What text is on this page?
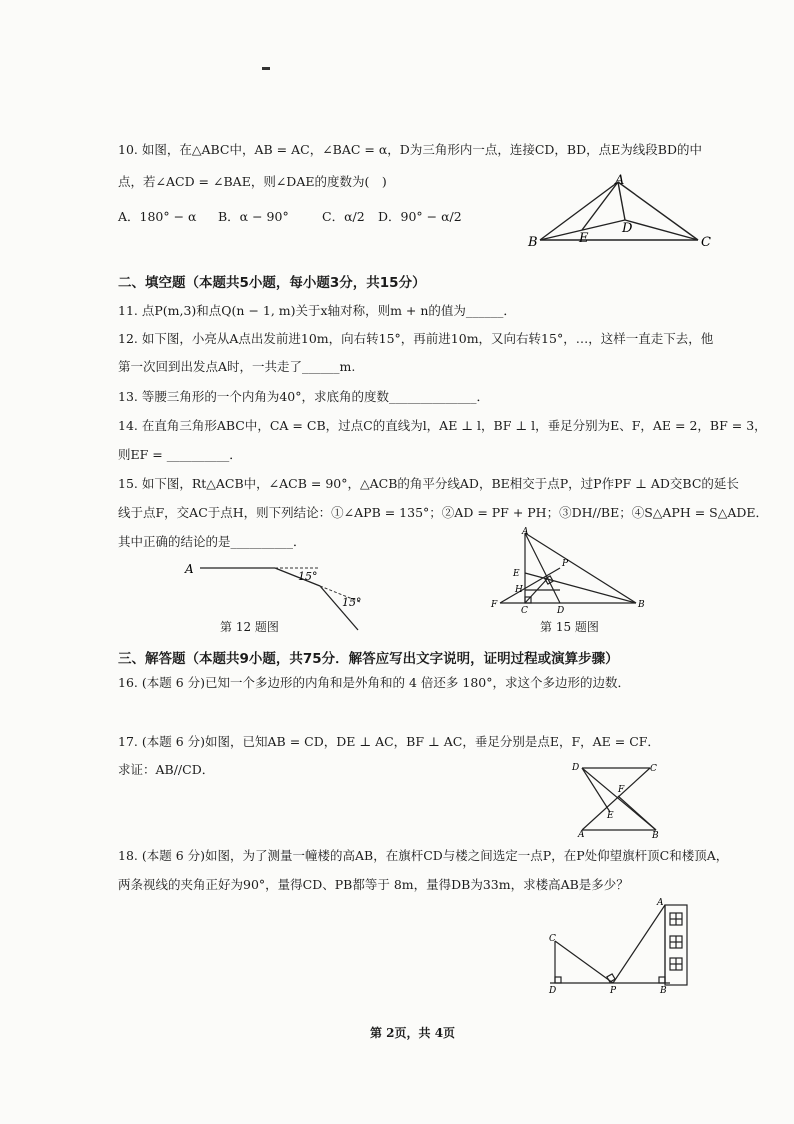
10. 如图，在△ABC中，AB = AC，∠BAC = α，D为三角形内一点，连接CD，BD，点E为线段BD的中
点，若∠ACD = ∠BAE，则∠DAE的度数为(　)
A．180° − α B．α − 90°	C．α/2 D．90° − α/2
A
B	C
D
E
二、填空题（本题共5小题，每小题3分，共15分）
11. 点P(m,3)和点Q(n − 1, m)关于x轴对称，则m + n的值为______．
12. 如下图，小亮从A点出发前进10m，向右转15°，再前进10m，又向右转15°，…，这样一直走下去，他
第一次回到出发点A时，一共走了______m.
13. 等腰三角形的一个内角为40°，求底角的度数______________．
14. 在直角三角形ABC中，CA = CB，过点C的直线为l，AE ⊥ l，BF ⊥ l，垂足分别为E、F，AE = 2，BF = 3，
则EF = __________．
15. 如下图，Rt△ACB中，∠ACB = 90°，△ACB的角平分线AD，BE相交于点P，过P作PF ⊥ AD交BC的延长
线于点F，交AC于点H，则下列结论：①∠APB = 135°；②AD = PF + PH；③DH//BE；④S△APH = S△ADE．
其中正确的结论的是__________．
A
15°
15°
第 12 题图
A
E
H
P
F
C	D
B
第 15 题图
三、解答题（本题共9小题，共75分．解答应写出文字说明，证明过程或演算步骤）
16. (本题 6 分)已知一个多边形的内角和是外角和的 4 倍还多 180°，求这个多边形的边数．
17. (本题 6 分)如图，已知AB = CD，DE ⊥ AC，BF ⊥ AC，垂足分别是点E，F，AE = CF．
求证：AB//CD．	D	C
F
E
A	B
18. (本题 6 分)如图，为了测量一幢楼的高AB，在旗杆CD与楼之间选定一点P，在P处仰望旗杆顶C和楼顶A，
两条视线的夹角正好为90°，量得CD、PB都等于 8m，量得DB为33m，求楼高AB是多少？
A
C
D	P	B
第 2页，共 4页
